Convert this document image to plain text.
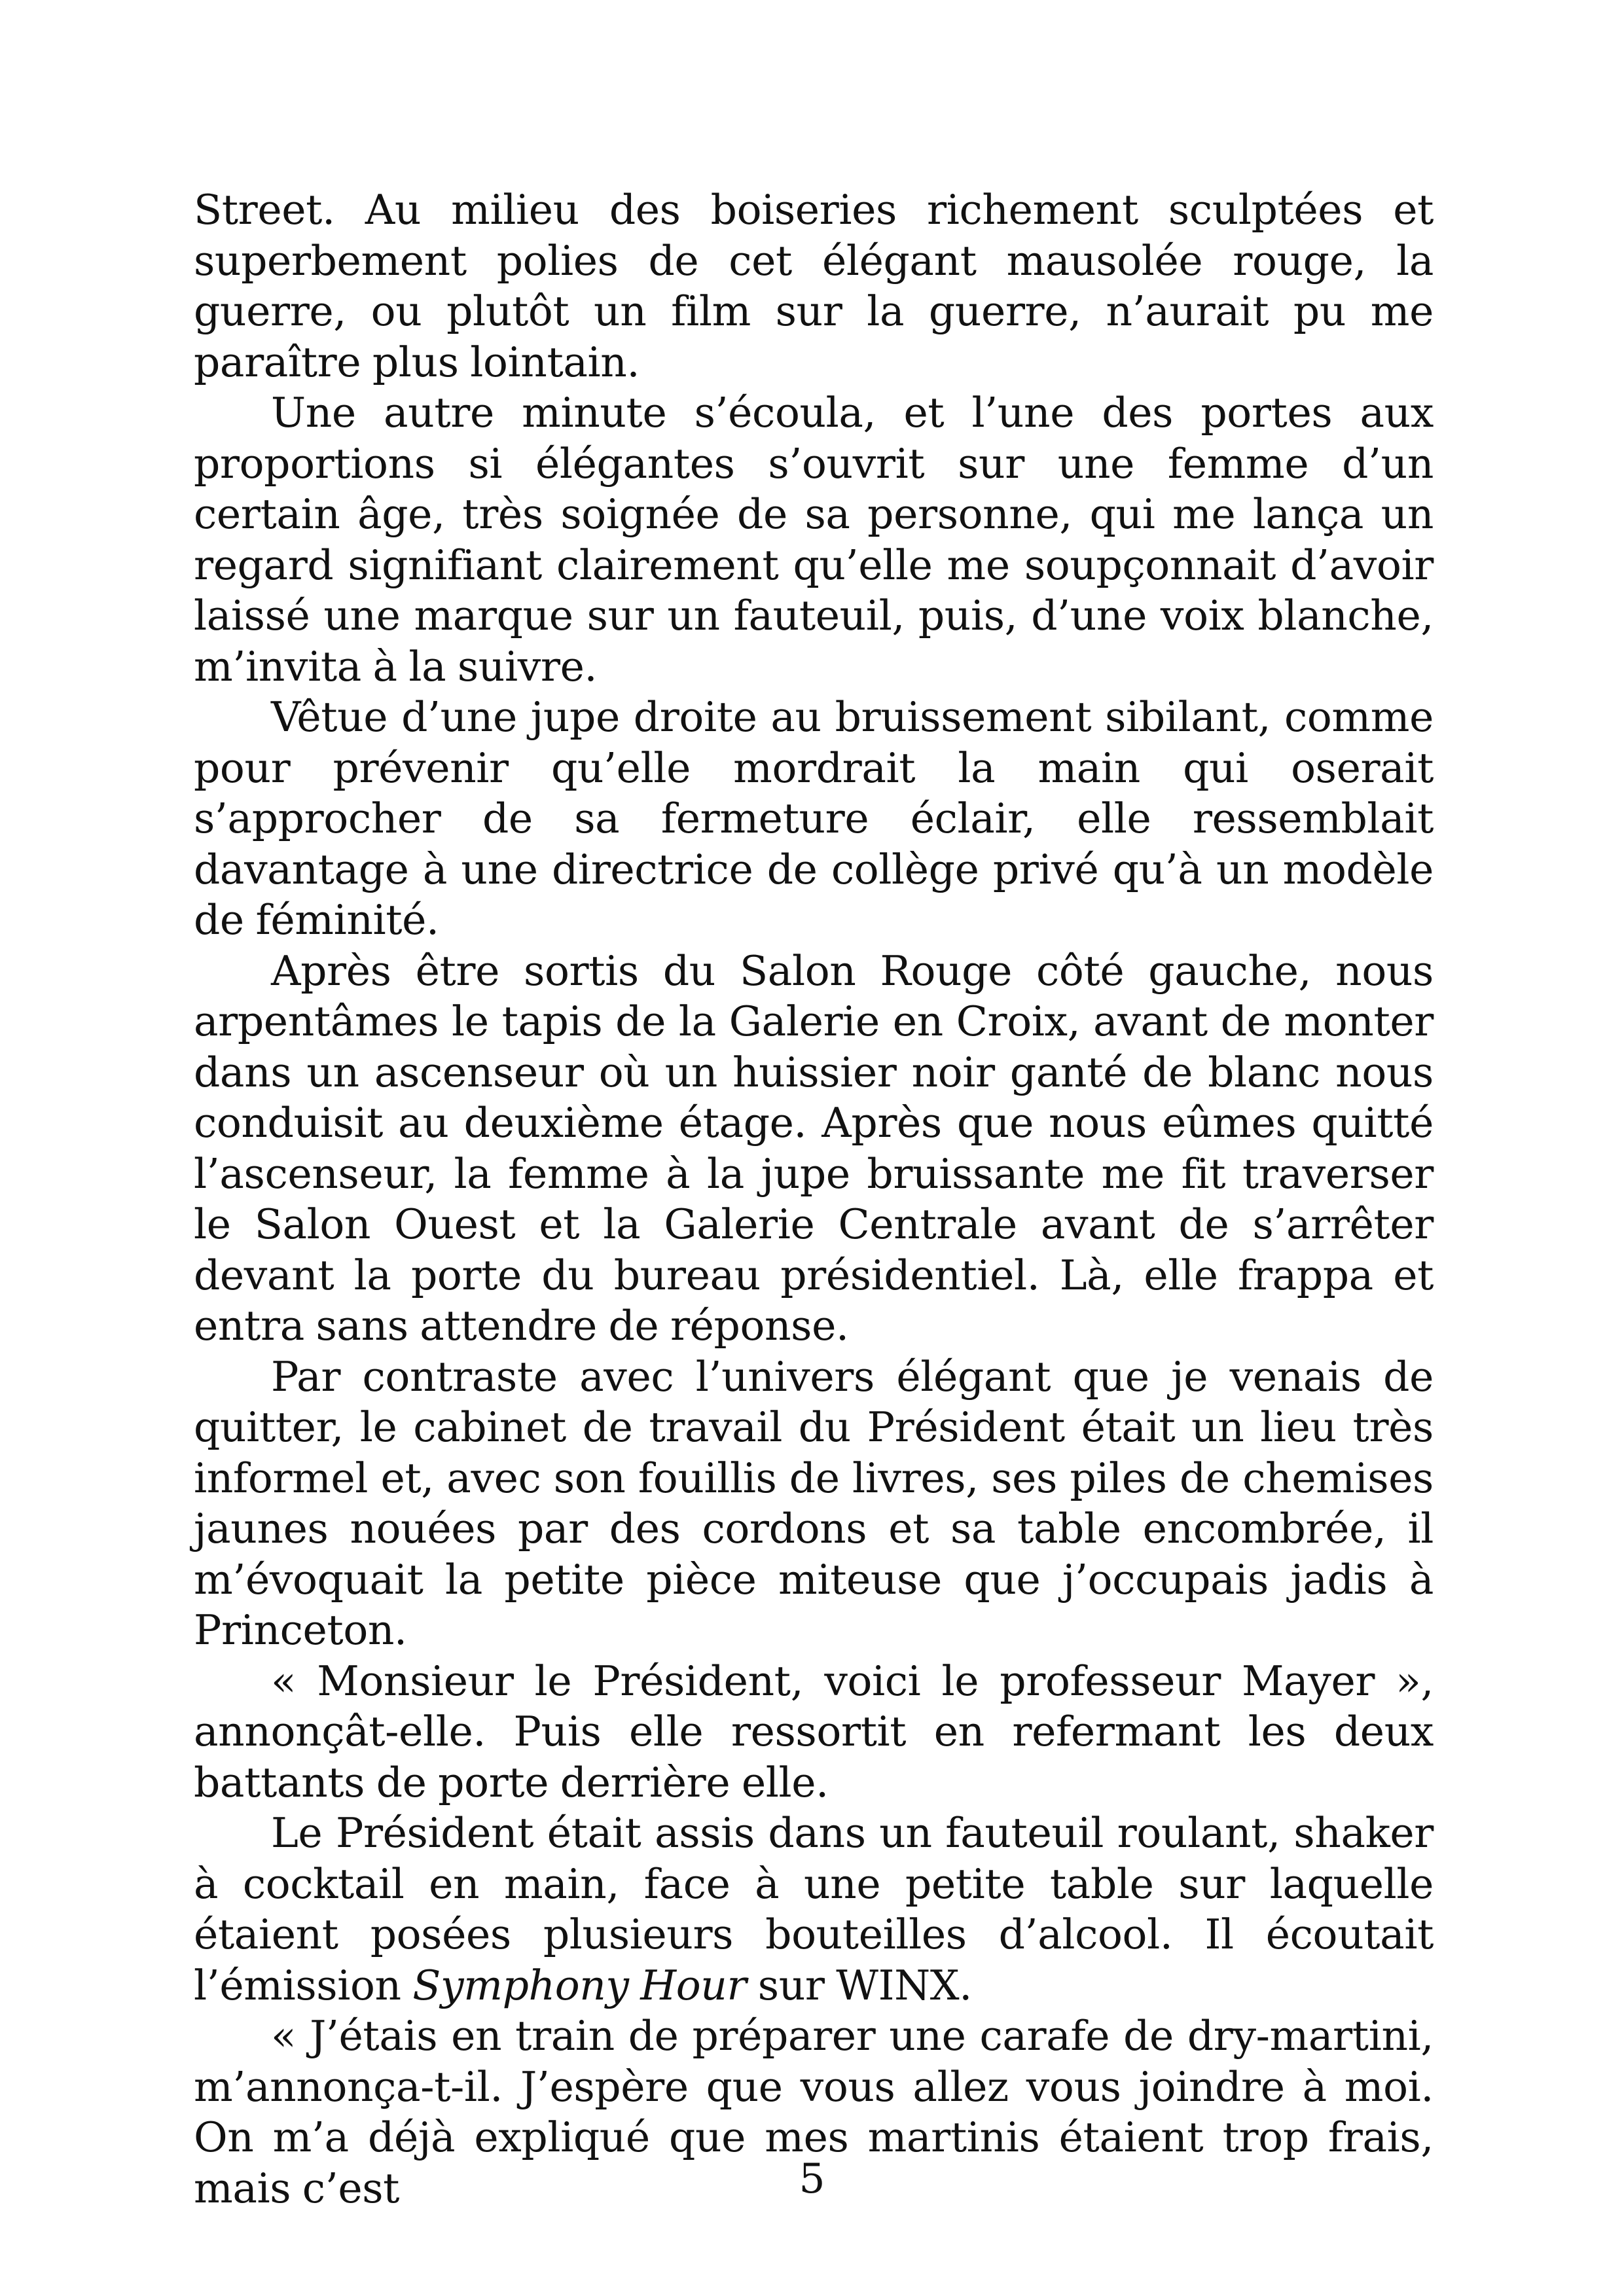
Street. Au milieu des boiseries richement sculptées et superbement polies de cet élégant mausolée rouge, la guerre, ou plutôt un film sur la guerre, n’aurait pu me paraître plus lointain.

Une autre minute s’écoula, et l’une des portes aux proportions si élégantes s’ouvrit sur une femme d’un certain âge, très soignée de sa personne, qui me lança un regard signifiant clairement qu’elle me soupçonnait d’avoir laissé une marque sur un fauteuil, puis, d’une voix blanche, m’invita à la suivre.

Vêtue d’une jupe droite au bruissement sibilant, comme pour prévenir qu’elle mordrait la main qui oserait s’approcher de sa fermeture éclair, elle ressemblait davantage à une directrice de collège privé qu’à un modèle de féminité.

Après être sortis du Salon Rouge côté gauche, nous arpentâmes le tapis de la Galerie en Croix, avant de monter dans un ascenseur où un huissier noir ganté de blanc nous conduisit au deuxième étage. Après que nous eûmes quitté l’ascenseur, la femme à la jupe bruissante me fit traverser le Salon Ouest et la Galerie Centrale avant de s’arrêter devant la porte du bureau présidentiel. Là, elle frappa et entra sans attendre de réponse.

Par contraste avec l’univers élégant que je venais de quitter, le cabinet de travail du Président était un lieu très informel et, avec son fouillis de livres, ses piles de chemises jaunes nouées par des cordons et sa table encombrée, il m’évoquait la petite pièce miteuse que j’occupais jadis à Princeton.

« Monsieur le Président, voici le professeur Mayer », annonçât-elle. Puis elle ressortit en refermant les deux battants de porte derrière elle.

Le Président était assis dans un fauteuil roulant, shaker à cocktail en main, face à une petite table sur laquelle étaient posées plusieurs bouteilles d’alcool. Il écoutait l’émission Symphony Hour sur WINX.

« J’étais en train de préparer une carafe de dry-martini, m’annonça-t-il. J’espère que vous allez vous joindre à moi. On m’a déjà expliqué que mes martinis étaient trop frais, mais c’est	5
